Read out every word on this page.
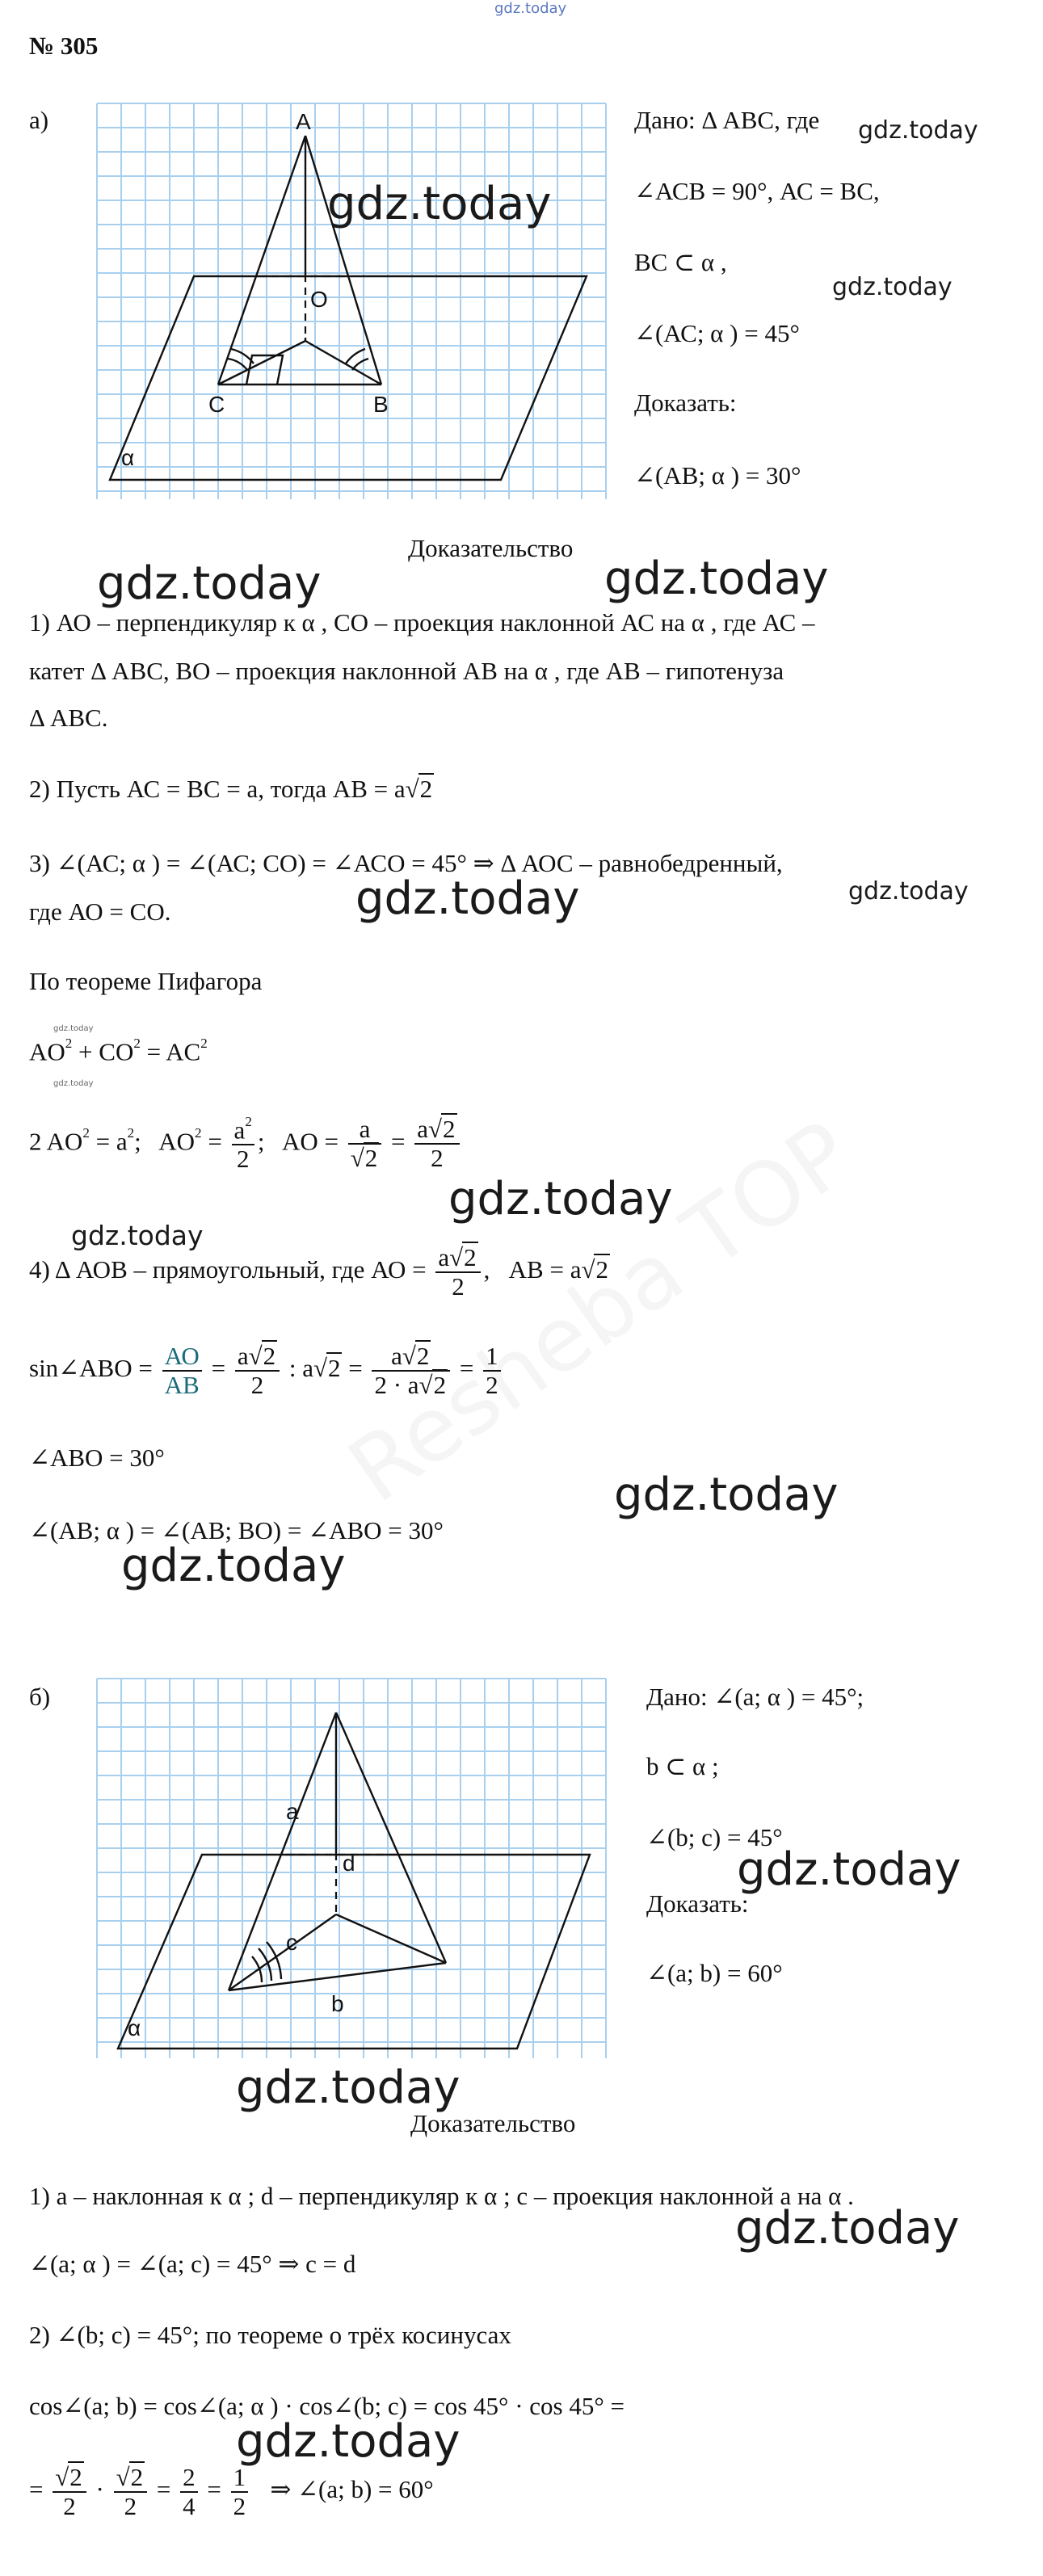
gdz.today
№ 305
а)	A
O
C	B
α
gdz.today
Дано: Δ АВС, где gdz.today
∠АСВ = 90°, АС = ВС,
ВС ⊂ α ,
gdz.today
∠(АС; α ) = 45°
Доказать:
∠(АВ; α ) = 30°
Доказательство
gdz.today	gdz.today
1) АО – перпендикуляр к α , СО – проекция наклонной АС на α , где АС –
катет Δ АВС, ВО – проекция наклонной АВ на α , где АВ – гипотенуза
Δ АВС.
2) Пусть АС = ВС = a, тогда АВ = a√2
3) ∠(АС; α ) = ∠(АС; СО) = ∠АСО = 45° ⇒ Δ АОС – равнобедренный,
где АО = СО.	gdz.today	gdz.today
По теореме Пифагора
gdz.today
$AO^2 + CO^2 = AC^2$
gdz.today
2 $AO^2 = a^2$;   $AO^2 = \frac{a^2}{2}$ ;   AO = $\frac{a}{√2} = \frac{a√2}{2}$
gdz.today
gdz.today
4) Δ АОВ – прямоугольный, где АО = $\frac{a√2}{2}$ ,   AB = a√2
sin∠ABO = $\frac{АО}{АВ} = \frac{a√2}{2}$ : $a√2 = \frac{a√2}{2 \cdot a√2} = \frac{1}{2}$
∠АВО = 30°
gdz.today
∠(АВ; α ) = ∠(АВ; ВО) = ∠АВО = 30°
gdz.today
б)
a
d
c
b
α
Дано: ∠(a; α ) = 45°;
b ⊂ α ;
∠(b; c) = 45°
gdz.today
Доказать:
∠(a; b) = 60°
gdz.today
Доказательство
1) a – наклонная к α ; d – перпендикуляр к α ; c – проекция наклонной a на α .
gdz.today
∠(a; α ) = ∠(a; c) = 45° ⇒ c = d
2) ∠(b; c) = 45°; по теореме о трёх косинусах
cos∠(a; b) = cos∠(a; α ) · cos∠(b; c) = cos 45° · cos 45° =
gdz.today
= $\frac{√2}{2} \cdot \frac{√2}{2} = \frac{2}{4} = \frac{1}{2}$ ⇒ ∠(a; b) = 60°
